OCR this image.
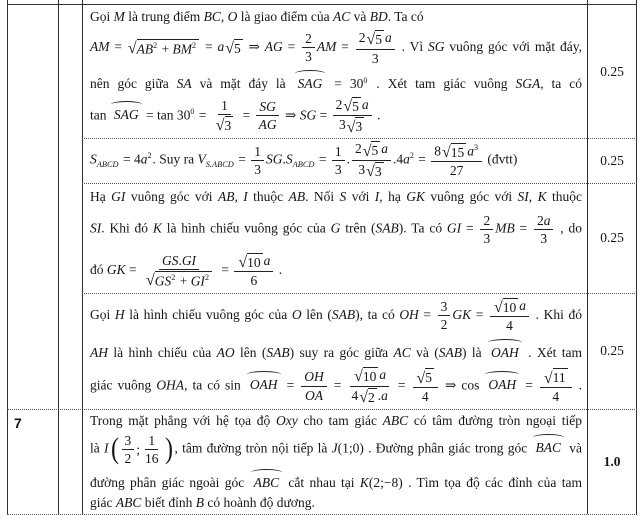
7
Gọi M là trung điểm BC, O là giao điểm của AC và BD. Ta có
AM = √ $AB^2 + BM^2 = a$ √ 5 ⇒ AG = $\frac{2}{3}$ AM = $\frac{2 √ 5 a}{3}$ . Vì SG vuông góc với mặt đáy,
nên góc giữa SA và mặt đáy là SAG = $30^0$ . Xét tam giác vuông SGA, ta có
tan SAG = $\tan 30^0 = \frac{1}{√ 3} = \frac{SG}{AG}$ ⇒ SG = $\frac{2 √ 5 a}{3 √ 3}$ .
$S_{ABCD} = 4a^2$. Suy ra $V_{S.ABCD} = \frac{1}{3} SG.S_{ABCD} = \frac{1}{3}$ . $\frac{2 √ 5 a}{3 √ 3} .4a^2 = \frac{8 √ 15 a^3}{27}$ (đvtt)
Hạ GI vuông góc với AB, I thuộc AB. Nối S với I, hạ GK vuông góc với SI, K thuộc
SI. Khi đó K là hình chiếu vuông góc của G trên (SAB). Ta có GI = $\frac{2}{3}$ MB = $\frac{2a}{3}$ , do
đó GK = $\frac{GS.GI}{√ GS^2 + GI^2} = \frac{√ 10 a}{6}$ .
Gọi H là hình chiếu vuông góc của O lên (SAB), ta có OH = $\frac{3}{2}$ GK = $\frac{√ 10 a}{4}$ . Khi đó
AH là hình chiếu của AO lên (SAB) suy ra góc giữa AC và (SAB) là OAH . Xét tam
giác vuông OHA, ta có sin OAH = $\frac{OH}{OA} = \frac{√ 10 a}{4 √ 2 .a} = \frac{√ 5}{4}$ ⇒ cos OAH = $\frac{√ 11}{4}$ .
Trong mặt phẳng với hệ tọa độ Oxy cho tam giác ABC có tâm đường tròn ngoại tiếp
là I ( $\frac{3}{2}$ ; $\frac{1}{16}$ ) , tâm đường tròn nội tiếp là J(1;0) . Đường phân giác trong góc BAC và
đường phân giác ngoài góc ABC cắt nhau tại K(2;−8) . Tìm tọa độ các đỉnh của tam
giác ABC biết đỉnh B có hoành độ dương.
0.25
0.25
0.25
0.25
1.0
